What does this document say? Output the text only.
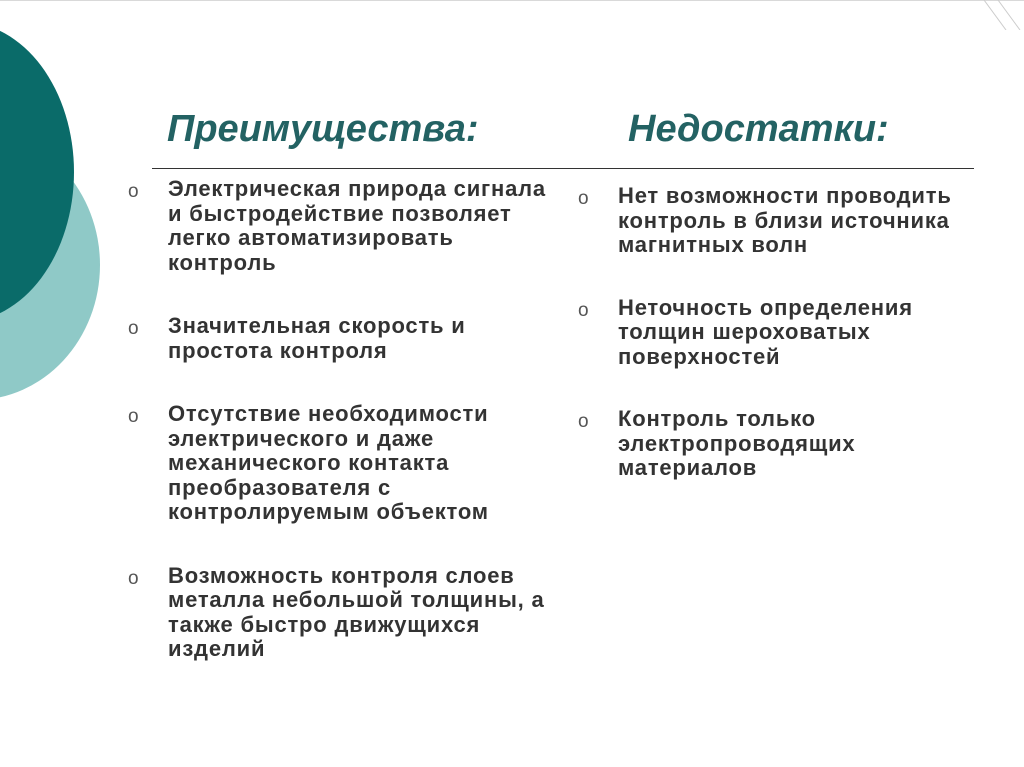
Преимущества:	Недостатки:
o	Электрическая природа сигнала и быстродействие позволяет легко автоматизировать контроль
o	Значительная скорость и простота контроля
o	Отсутствие необходимости электрического и даже механического контакта преобразователя с контролируемым объектом
o	Возможность контроля слоев металла небольшой толщины, а также быстро движущихся изделий
o	Нет возможности проводить контроль в близи источника магнитных волн
o	Неточность определения толщин шероховатых поверхностей
o	Контроль только электропроводящих материалов
